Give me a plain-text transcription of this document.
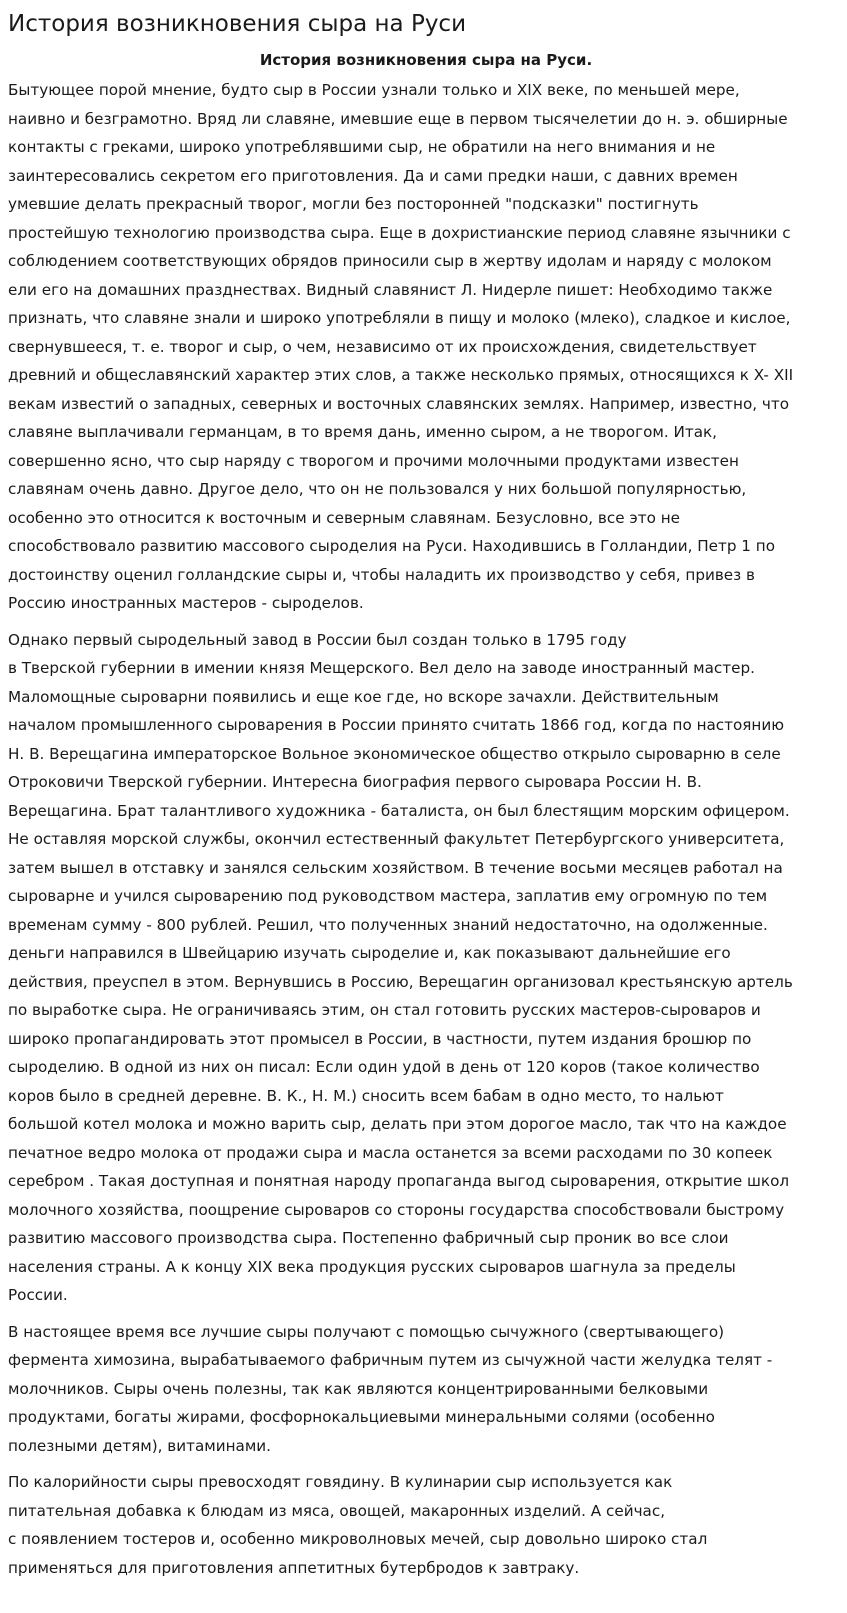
История возникновения сыра на Руси
История возникновения сыра на Руси.

Бытующее порой мнение, будто сыр в России узнали только и XIX веке, по меньшей мере,
наивно и безграмотно. Вряд ли славяне, имевшие еще в первом тысячелетии до н. э. обширные
контакты с греками, широко употреблявшими сыр, не обратили на него внимания и не
заинтересовались секретом его приготовления. Да и сами предки наши, с давних времен
умевшие делать прекрасный творог, могли без посторонней "подсказки" постигнуть
простейшую технологию производства сыра. Еще в дохристианские период славяне язычники с
соблюдением соответствующих обрядов приносили сыр в жертву идолам и наряду с молоком
ели его на домашних празднествах. Видный славянист Л. Нидерле пишет: Необходимо также
признать, что славяне знали и широко употребляли в пищу и молоко (млеко), сладкое и кислое,
свернувшееся, т. е. творог и сыр, о чем, независимо от их происхождения, свидетельствует
древний и общеславянский характер этих слов, а также несколько прямых, относящихся к X- XII
векам известий о западных, северных и восточных славянских землях. Например, известно, что
славяне выплачивали германцам, в то время дань, именно сыром, а не творогом. Итак,
совершенно ясно, что сыр наряду с творогом и прочими молочными продуктами известен
славянам очень давно. Другое дело, что он не пользовался у них большой популярностью,
особенно это относится к восточным и северным славянам. Безусловно, все это не
способствовало развитию массового сыроделия на Руси. Находившись в Голландии, Петр 1 по
достоинству оценил голландские сыры и, чтобы наладить их производство у себя, привез в
Россию иностранных мастеров - сыроделов.

Однако первый сыродельный завод в России был создан только в 1795 году
в Тверской губернии в имении князя Мещерского. Вел дело на заводе иностранный мастер.
Маломощные сыроварни появились и еще кое где, но вскоре зачахли. Действительным
началом промышленного сыроварения в России принято считать 1866 год, когда по настоянию
Н. В. Верещагина императорское Вольное экономическое общество открыло сыроварню в селе
Отроковичи Тверской губернии. Интересна биография первого сыровара России Н. В.
Верещагина. Брат талантливого художника - баталиста, он был блестящим морским офицером.
Не оставляя морской службы, окончил естественный факультет Петербургского университета,
затем вышел в отставку и занялся сельским хозяйством. В течение восьми месяцев работал на
сыроварне и учился сыроварению под руководством мастера, заплатив ему огромную по тем
временам сумму - 800 рублей. Решил, что полученных знаний недостаточно, на одолженные.
деньги направился в Швейцарию изучать сыроделие и, как показывают дальнейшие его
действия, преуспел в этом. Вернувшись в Россию, Верещагин организовал крестьянскую артель
по выработке сыра. Не ограничиваясь этим, он стал готовить русских мастеров-сыроваров и
широко пропагандировать этот промысел в России, в частности, путем издания брошюр по
сыроделию. В одной из них он писал: Если один удой в день от 120 коров (такое количество
коров было в средней деревне. В. К., Н. М.) сносить всем бабам в одно место, то нальют
большой котел молока и можно варить сыр, делать при этом дорогое масло, так что на каждое
печатное ведро молока от продажи сыра и масла останется за всеми расходами по 30 копеек
серебром . Такая доступная и понятная народу пропаганда выгод сыроварения, открытие школ
молочного хозяйства, поощрение сыроваров со стороны государства способствовали быстрому
развитию массового производства сыра. Постепенно фабричный сыр проник во все слои
населения страны. А к концу XIX века продукция русских сыроваров шагнула за пределы
России.

В настоящее время все лучшие сыры получают с помощью сычужного (свертывающего)
фермента химозина, вырабатываемого фабричным путем из сычужной части желудка телят -
молочников. Сыры очень полезны, так как являются концентрированными белковыми
продуктами, богаты жирами, фосфорнокальциевыми минеральными солями (особенно
полезными детям), витаминами.

По калорийности сыры превосходят говядину. В кулинарии сыр используется как
питательная добавка к блюдам из мяса, овощей, макаронных изделий. А сейчас,
с появлением тостеров и, особенно микроволновых мечей, сыр довольно широко стал
применяться для приготовления аппетитных бутербродов к завтраку.
